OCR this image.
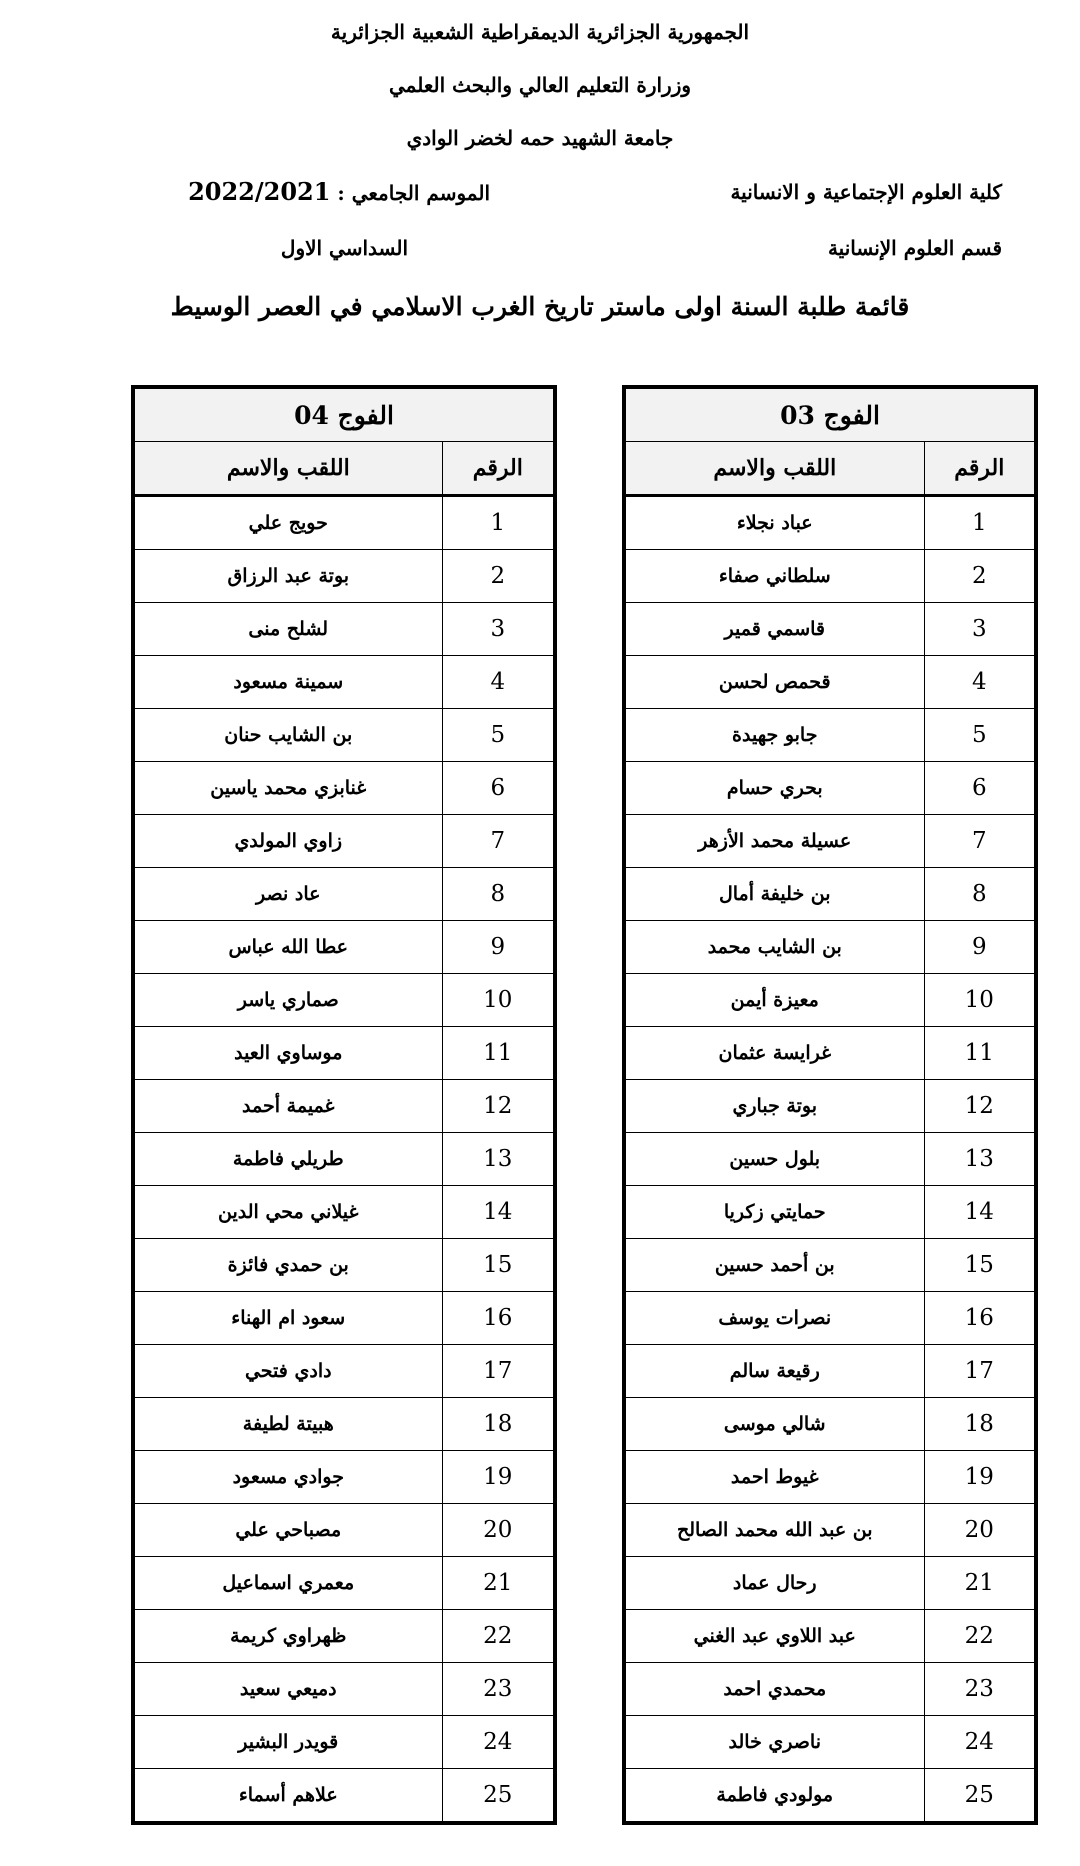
الجمهورية الجزائرية الديمقراطية الشعبية الجزائرية
وزرارة التعليم العالي والبحث العلمي
جامعة الشهيد حمه لخضر الوادي
كلية العلوم الإجتماعية و الانسانية
الموسم الجامعي : 2022/2021
قسم العلوم الإنسانية
السداسي الاول
قائمة طلبة السنة اولى ماستر تاريخ الغرب الاسلامي في العصر الوسيط
الفوج 03	
الرقم	اللقب والاسم
1	عباد نجلاء
2	سلطاني صفاء
3	قاسمي قمير
4	قحمص لحسن
5	جابو جهيدة
6	بحري حسام
7	عسيلة محمد الأزهر
8	بن خليفة أمال
9	بن الشايب محمد
10	معيزة أيمن
11	غرايسة عثمان
12	بوتة جباري
13	بلول حسين
14	حمايتي زكريا
15	بن أحمد حسين
16	نصرات يوسف
17	رقيعة سالم
18	شالي موسى
19	غيوط احمد
20	بن عبد الله محمد الصالح
21	رحال عماد
22	عبد اللاوي عبد الغني
23	محمدي احمد
24	ناصري خالد
25	مولودي فاطمة
الفوج 04	
الرقم	اللقب والاسم
1	حويج علي
2	بوتة عبد الرزاق
3	لشلح منى
4	سمينة مسعود
5	بن الشايب حنان
6	غنابزي محمد ياسين
7	زاوي المولدي
8	عاد نصر
9	عطا الله عباس
10	صماري ياسر
11	موساوي العيد
12	غميمة أحمد
13	طريلي فاطمة
14	غيلاني محي الدين
15	بن حمدي فائزة
16	سعود ام الهناء
17	دادي فتحي
18	هبيتة لطيفة
19	جوادي مسعود
20	مصباحي علي
21	معمري اسماعيل
22	ظهراوي كريمة
23	دميعي سعيد
24	قويدر البشير
25	علاهم أسماء
